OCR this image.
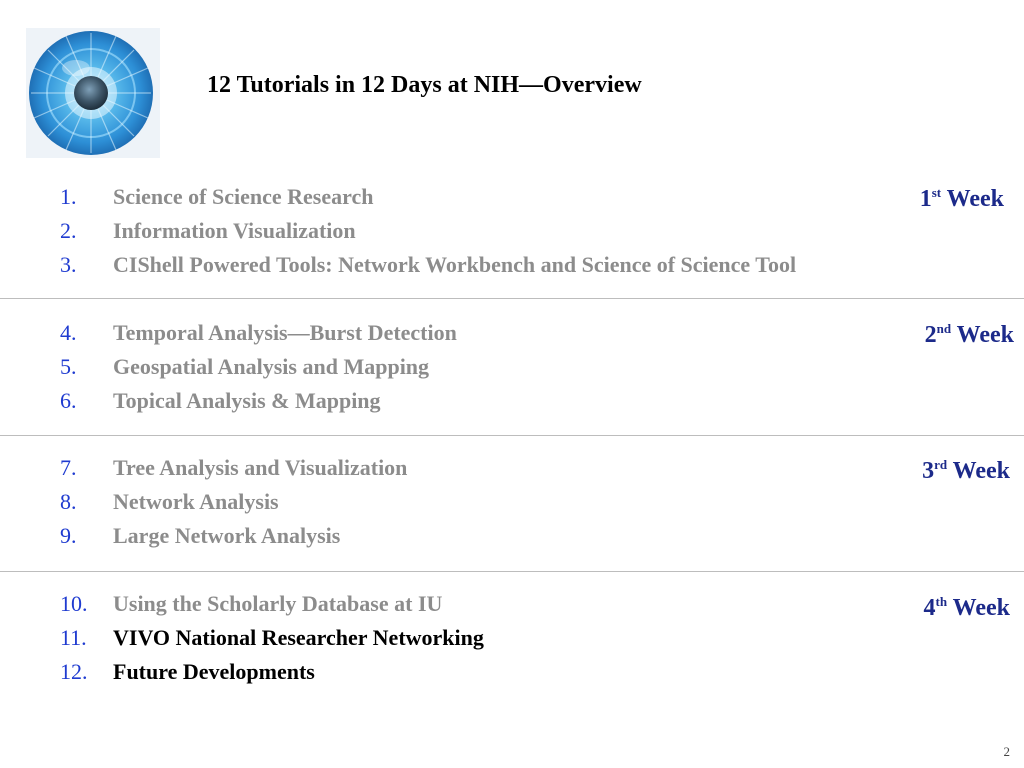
12 Tutorials in 12 Days at NIH—Overview
1. Science of Science Research
2. Information Visualization
3. CIShell Powered Tools: Network Workbench and Science of Science Tool
1st Week
4. Temporal Analysis—Burst Detection
5. Geospatial Analysis and Mapping
6. Topical Analysis & Mapping
2nd Week
7. Tree Analysis and Visualization
8. Network Analysis
9. Large Network Analysis
3rd Week
10. Using the Scholarly Database at IU
11. VIVO National Researcher Networking
12. Future Developments
4th Week
2
